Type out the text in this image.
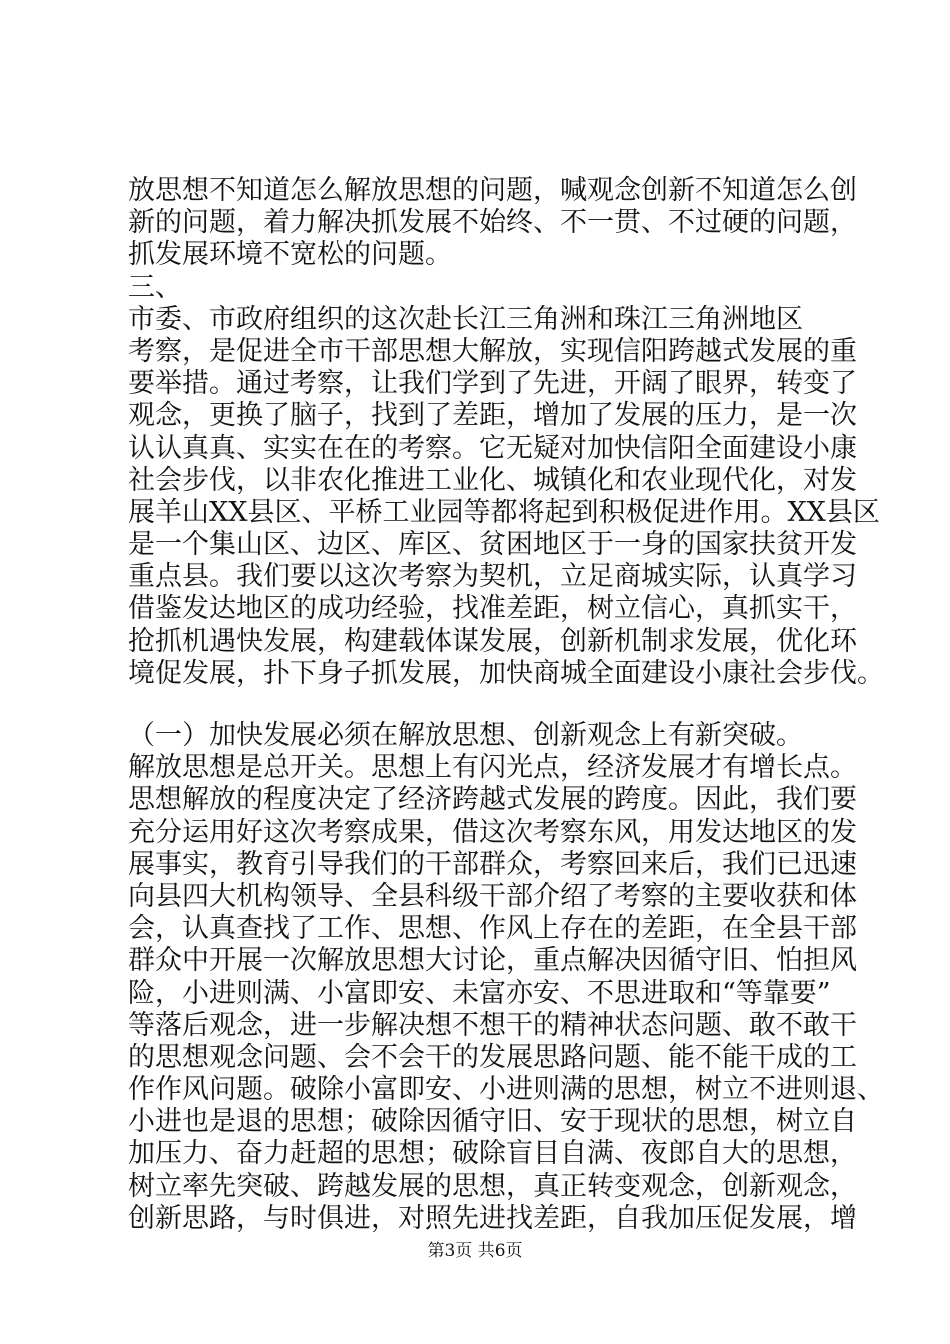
放思想不知道怎么解放思想的问题，喊观念创新不知道怎么创
新的问题，着力解决抓发展不始终、不一贯、不过硬的问题，
抓发展环境不宽松的问题。
三、
市委、市政府组织的这次赴长江三角洲和珠江三角洲地区
考察，是促进全市干部思想大解放，实现信阳跨越式发展的重
要举措。通过考察，让我们学到了先进，开阔了眼界，转变了
观念，更换了脑子，找到了差距，增加了发展的压力，是一次
认认真真、实实在在的考察。它无疑对加快信阳全面建设小康
社会步伐，以非农化推进工业化、城镇化和农业现代化，对发
展羊山XX县区、平桥工业园等都将起到积极促进作用。XX县区
是一个集山区、边区、库区、贫困地区于一身的国家扶贫开发
重点县。我们要以这次考察为契机，立足商城实际，认真学习
借鉴发达地区的成功经验，找准差距，树立信心，真抓实干，
抢抓机遇快发展，构建载体谋发展，创新机制求发展，优化环
境促发展，扑下身子抓发展，加快商城全面建设小康社会步伐。
（一）加快发展必须在解放思想、创新观念上有新突破。
解放思想是总开关。思想上有闪光点，经济发展才有增长点。
思想解放的程度决定了经济跨越式发展的跨度。因此，我们要
充分运用好这次考察成果，借这次考察东风，用发达地区的发
展事实，教育引导我们的干部群众，考察回来后，我们已迅速
向县四大机构领导、全县科级干部介绍了考察的主要收获和体
会，认真查找了工作、思想、作风上存在的差距，在全县干部
群众中开展一次解放思想大讨论，重点解决因循守旧、怕担风
险，小进则满、小富即安、未富亦安、不思进取和“等靠要”
等落后观念，进一步解决想不想干的精神状态问题、敢不敢干
的思想观念问题、会不会干的发展思路问题、能不能干成的工
作作风问题。破除小富即安、小进则满的思想，树立不进则退、
小进也是退的思想；破除因循守旧、安于现状的思想，树立自
加压力、奋力赶超的思想；破除盲目自满、夜郎自大的思想，
树立率先突破、跨越发展的思想，真正转变观念，创新观念，
创新思路，与时俱进，对照先进找差距，自我加压促发展，增
第3页 共6页
